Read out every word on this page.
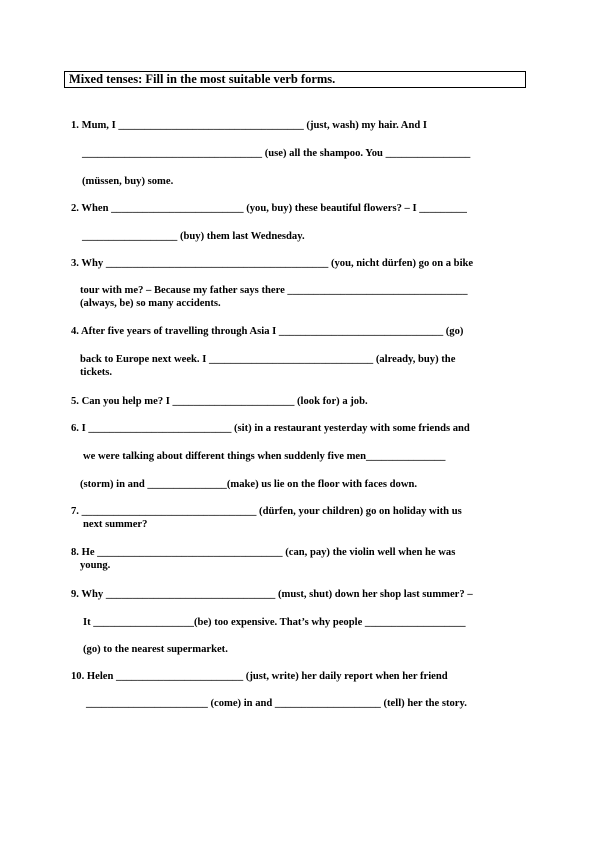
Mixed tenses: Fill in the most suitable verb forms.
1. Mum, I ___________________________________ (just, wash) my hair. And I
__________________________________ (use) all the shampoo. You ________________
(müssen, buy) some.
2. When _________________________ (you, buy) these beautiful flowers? – I _________
__________________ (buy) them last Wednesday.
3. Why __________________________________________ (you, nicht dürfen) go on a bike
tour with me? – Because my father says there __________________________________
(always, be) so many accidents.
4. After five years of travelling through Asia I _______________________________ (go)
back to Europe next week. I _______________________________ (already, buy) the
tickets.
5. Can you help me? I _______________________ (look for) a job.
6. I ___________________________ (sit) in a restaurant yesterday with some friends and
we were talking about different things when suddenly five men_______________
(storm) in and _______________(make) us lie on the floor with faces down.
7. _________________________________ (dürfen, your children) go on holiday with us
next summer?
8. He ___________________________________ (can, pay) the violin well when he was
young.
9. Why ________________________________ (must, shut) down her shop last summer? –
It ___________________(be) too expensive. That’s why people ___________________
(go) to the nearest supermarket.
10. Helen ________________________ (just, write) her daily report when her friend
_______________________ (come) in and ____________________ (tell) her the story.
